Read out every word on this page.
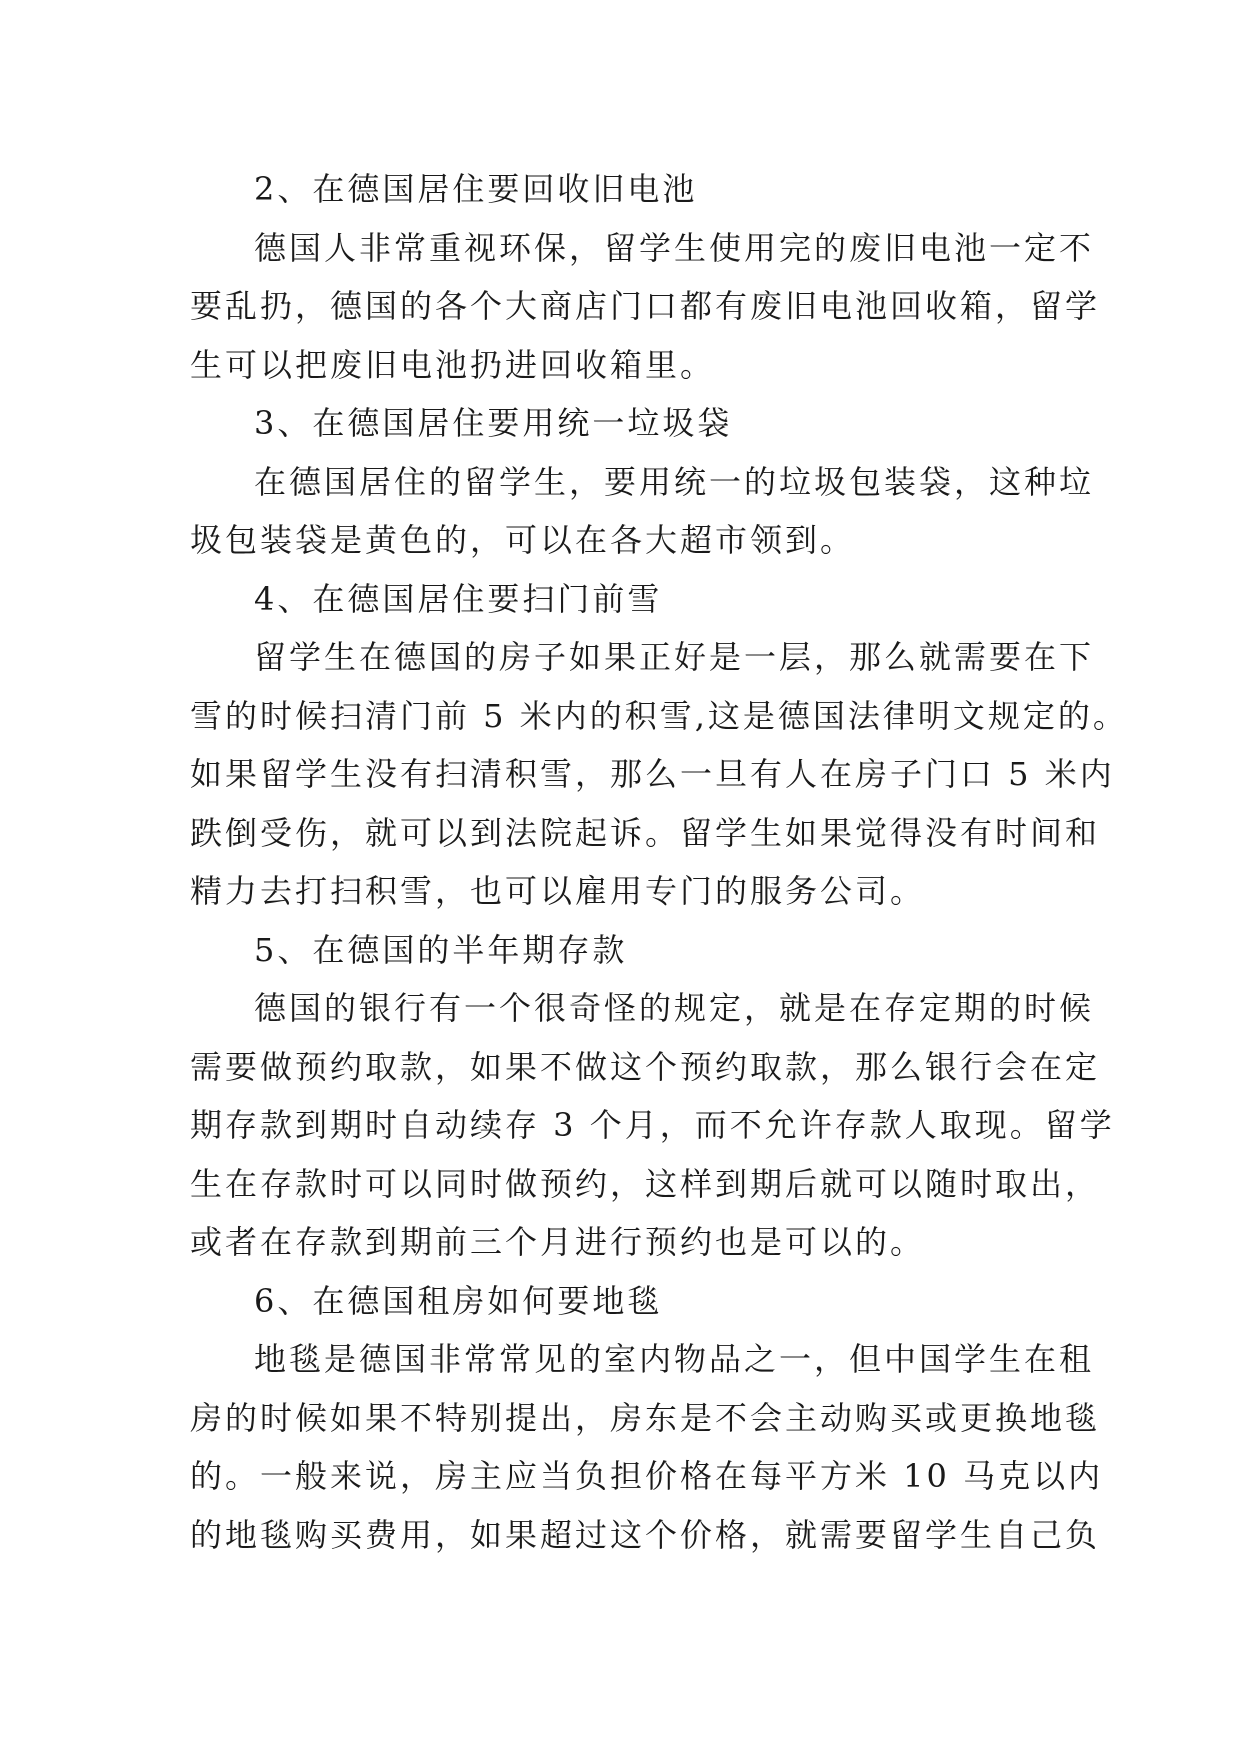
2、在德国居住要回收旧电池
德国人非常重视环保，留学生使用完的废旧电池一定不
要乱扔，德国的各个大商店门口都有废旧电池回收箱，留学
生可以把废旧电池扔进回收箱里。
3、在德国居住要用统一垃圾袋
在德国居住的留学生，要用统一的垃圾包装袋，这种垃
圾包装袋是黄色的，可以在各大超市领到。
4、在德国居住要扫门前雪
留学生在德国的房子如果正好是一层，那么就需要在下
雪的时候扫清门前 5 米内的积雪,这是德国法律明文规定的。
如果留学生没有扫清积雪，那么一旦有人在房子门口 5 米内
跌倒受伤，就可以到法院起诉。留学生如果觉得没有时间和
精力去打扫积雪，也可以雇用专门的服务公司。
5、在德国的半年期存款
德国的银行有一个很奇怪的规定，就是在存定期的时候
需要做预约取款，如果不做这个预约取款，那么银行会在定
期存款到期时自动续存 3 个月，而不允许存款人取现。留学
生在存款时可以同时做预约，这样到期后就可以随时取出，
或者在存款到期前三个月进行预约也是可以的。
6、在德国租房如何要地毯
地毯是德国非常常见的室内物品之一，但中国学生在租
房的时候如果不特别提出，房东是不会主动购买或更换地毯
的。一般来说，房主应当负担价格在每平方米 10 马克以内
的地毯购买费用，如果超过这个价格，就需要留学生自己负
